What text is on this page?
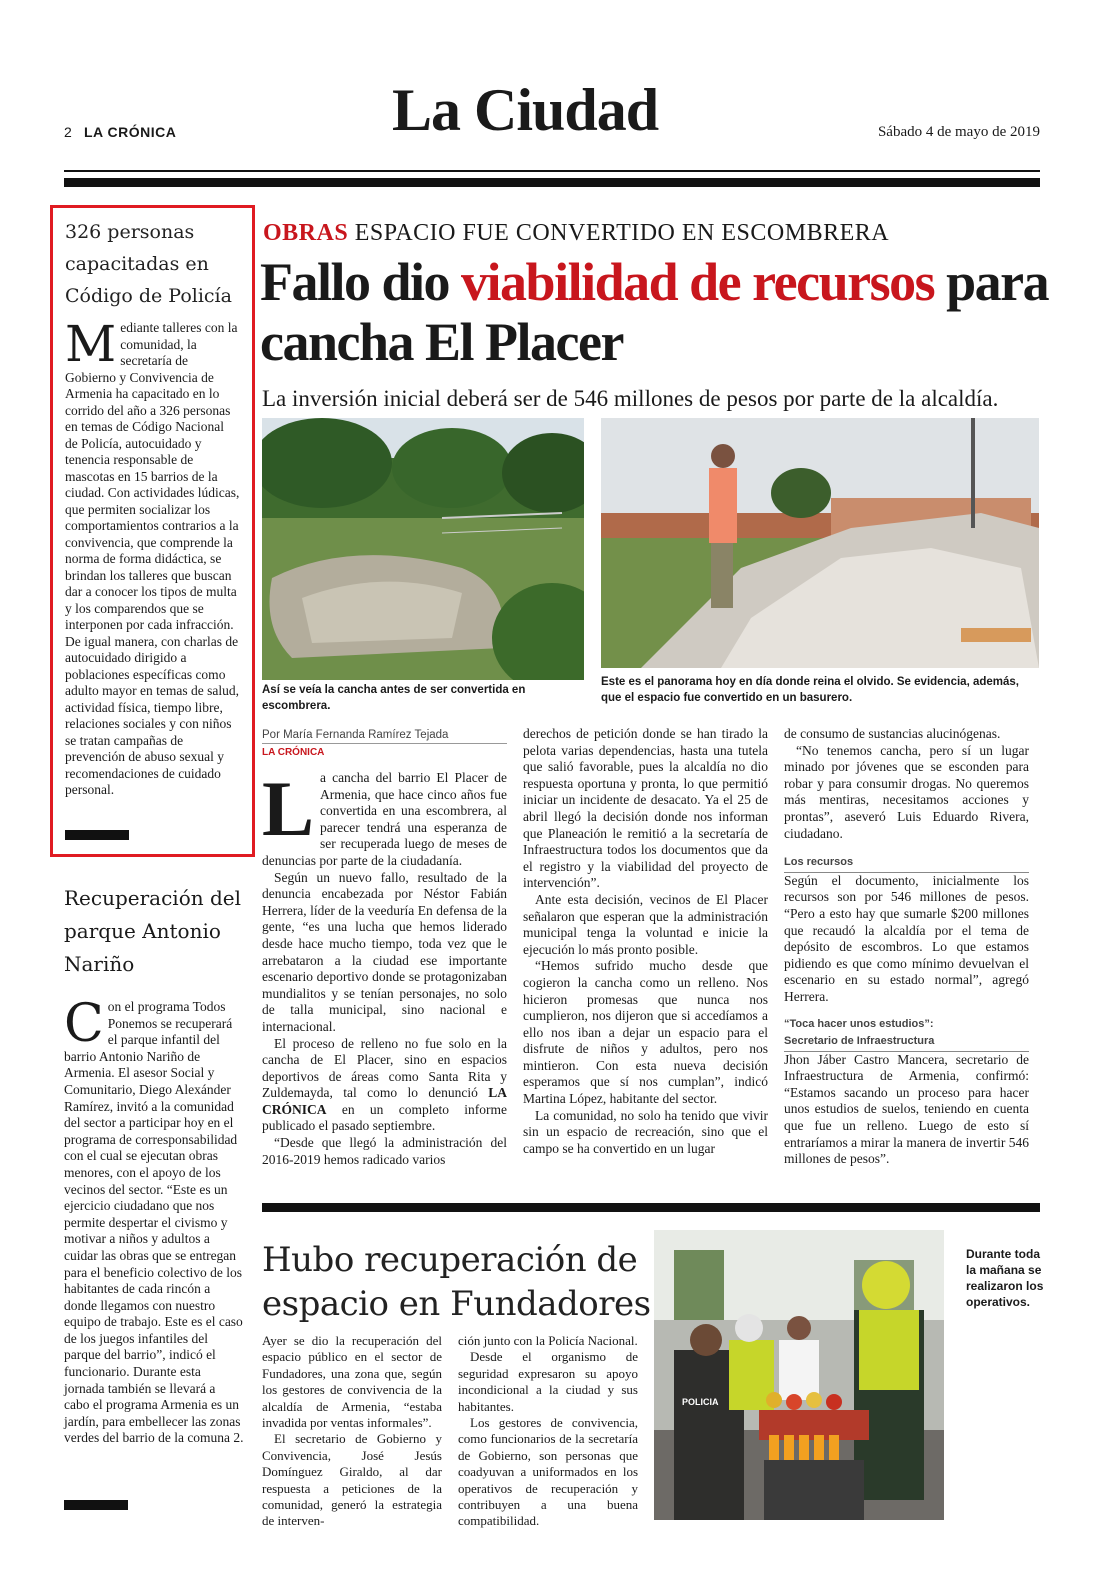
2 LA CRÓNICA	La Ciudad	Sábado 4 de mayo de 2019
326 personas capacitadas en Código de Policía
M ediante talleres con la comunidad, la secretaría de Gobierno y Convivencia de Armenia ha capacitado en lo corrido del año a 326 personas en temas de Código Nacional de Policía, autocuidado y tenencia responsable de mascotas en 15 barrios de la ciudad. Con actividades lúdicas, que permiten socializar los comportamientos contrarios a la convivencia, que comprende la norma de forma didáctica, se brindan los talleres que buscan dar a conocer los tipos de multa y los comparendos que se interponen por cada infracción. De igual manera, con charlas de autocuidado dirigido a poblaciones específicas como adulto mayor en temas de salud, actividad física, tiempo libre, relaciones sociales y con niños se tratan campañas de prevención de abuso sexual y recomendaciones de cuidado personal.
Recuperación del parque Antonio Nariño
C on el programa Todos Ponemos se recuperará el parque infantil del barrio Antonio Nariño de Armenia. El asesor Social y Comunitario, Diego Alexánder Ramírez, invitó a la comunidad del sector a participar hoy en el programa de corresponsabilidad con el cual se ejecutan obras menores, con el apoyo de los vecinos del sector. “Este es un ejercicio ciudadano que nos permite despertar el civismo y motivar a niños y adultos a cuidar las obras que se entregan para el beneficio colectivo de los habitantes de cada rincón a donde llegamos con nuestro equipo de trabajo. Este es el caso de los juegos infantiles del parque del barrio”, indicó el funcionario. Durante esta jornada también se llevará a cabo el programa Armenia es un jardín, para embellecer las zonas verdes del barrio de la comuna 2.
OBRAS ESPACIO FUE CONVERTIDO EN ESCOMBRERA
Fallo dio viabilidad de recursos para cancha El Placer
La inversión inicial deberá ser de 546 millones de pesos por parte de la alcaldía.
Así se veía la cancha antes de ser convertida en escombrera.
Este es el panorama hoy en día donde reina el olvido. Se evidencia, además, que el espacio fue convertido en un basurero.
Por María Fernanda Ramírez Tejada
LA CRÓNICA

La cancha del barrio El Placer de Armenia, que hace cinco años fue convertida en una escombrera, al parecer tendrá una esperanza de ser recuperada luego de meses de denuncias por parte de la ciudadanía.

Según un nuevo fallo, resultado de la denuncia encabezada por Néstor Fabián Herrera, líder de la veeduría En defensa de la gente, “es una lucha que hemos liderado desde hace mucho tiempo, toda vez que le arrebataron a la ciudad ese importante escenario deportivo donde se protagonizaban mundialitos y se tenían personajes, no solo de talla municipal, sino nacional e internacional.

El proceso de relleno no fue solo en la cancha de El Placer, sino en espacios deportivos de áreas como Santa Rita y Zuldemayda, tal como lo denunció LA CRÓNICA en un completo informe publicado el pasado septiembre.

“Desde que llegó la administración del 2016-2019 hemos radicado varios

derechos de petición donde se han tirado la pelota varias dependencias, hasta una tutela que salió favorable, pues la alcaldía no dio respuesta oportuna y pronta, lo que permitió iniciar un incidente de desacato. Ya el 25 de abril llegó la decisión donde nos informan que Planeación le remitió a la secretaría de Infraestructura todos los documentos que da el registro y la viabilidad del proyecto de intervención”.

Ante esta decisión, vecinos de El Placer señalaron que esperan que la administración municipal tenga la voluntad e inicie la ejecución lo más pronto posible.

“Hemos sufrido mucho desde que cogieron la cancha como un relleno. Nos hicieron promesas que nunca nos cumplieron, nos dijeron que si accedíamos a ello nos iban a dejar un espacio para el disfrute de niños y adultos, pero nos mintieron. Con esta nueva decisión esperamos que sí nos cumplan”, indicó Martina López, habitante del sector.

La comunidad, no solo ha tenido que vivir sin un espacio de recreación, sino que el campo se ha convertido en un lugar

de consumo de sustancias alucinógenas.

“No tenemos cancha, pero sí un lugar minado por jóvenes que se esconden para robar y para consumir drogas. No queremos más mentiras, necesitamos acciones y prontas”, aseveró Luis Eduardo Rivera, ciudadano.

Los recursos

Según el documento, inicialmente los recursos son por 546 millones de pesos. “Pero a esto hay que sumarle $200 millones que recaudó la alcaldía por el tema de depósito de escombros. Lo que estamos pidiendo es que como mínimo devuelvan el escenario en su estado normal”, agregó Herrera.

“Toca hacer unos estudios”:
Secretario de Infraestructura

Jhon Jáber Castro Mancera, secretario de Infraestructura de Armenia, confirmó: “Estamos sacando un proceso para hacer unos estudios de suelos, teniendo en cuenta que fue un relleno. Luego de esto sí entraríamos a mirar la manera de invertir 546 millones de pesos”.

Hubo recuperación de espacio en Fundadores

Ayer se dio la recuperación del espacio público en el sector de Fundadores, una zona que, según los gestores de convivencia de la alcaldía de Armenia, “estaba invadida por ventas informales”.

El secretario de Gobierno y Convivencia, José Jesús Domínguez Giraldo, al dar respuesta a peticiones de la comunidad, generó la estrategia de interven-

ción junto con la Policía Nacional.

Desde el organismo de seguridad expresaron su apoyo incondicional a la ciudad y sus habitantes.

Los gestores de convivencia, como funcionarios de la secretaría de Gobierno, son personas que coadyuvan a uniformados en los operativos de recuperación y contribuyen a una buena compatibilidad.

POLICIA
Durante toda la mañana se realizaron los operativos.
